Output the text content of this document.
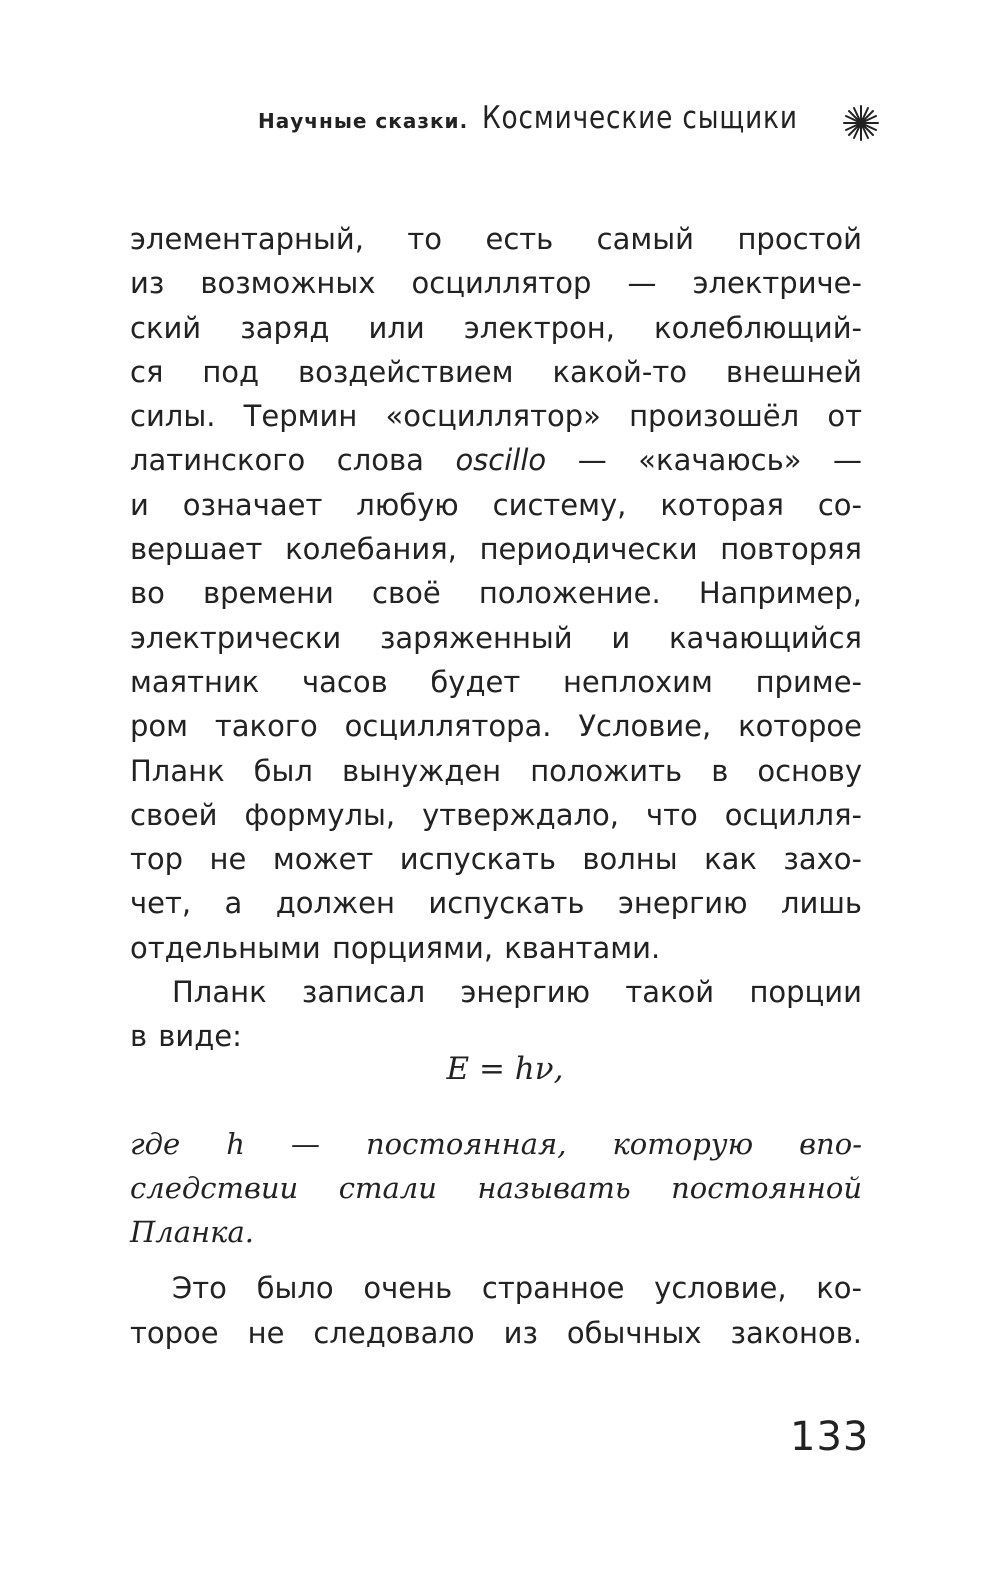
Научные сказки. Космические сыщики
элементарный, то есть самый простой
из возможных осциллятор — электриче-
ский заряд или электрон, колеблющий-
ся под воздействием какой-то внешней
силы. Термин «осциллятор» произошёл от
латинского слова oscillo — «качаюсь» —
и означает любую систему, которая со-
вершает колебания, периодически повторяя
во времени своё положение. Например,
электрически заряженный и качающийся
маятник часов будет неплохим приме-
ром такого осциллятора. Условие, которое
Планк был вынужден положить в основу
своей формулы, утверждало, что осцилля-
тор не может испускать волны как захо-
чет, а должен испускать энергию лишь
отдельными порциями, квантами.
Планк записал энергию такой порции
в виде:
E = hν,
где h — постоянная, которую впо-
следствии стали называть постоянной
Планка.
Это было очень странное условие, ко-
торое не следовало из обычных законов.
133
